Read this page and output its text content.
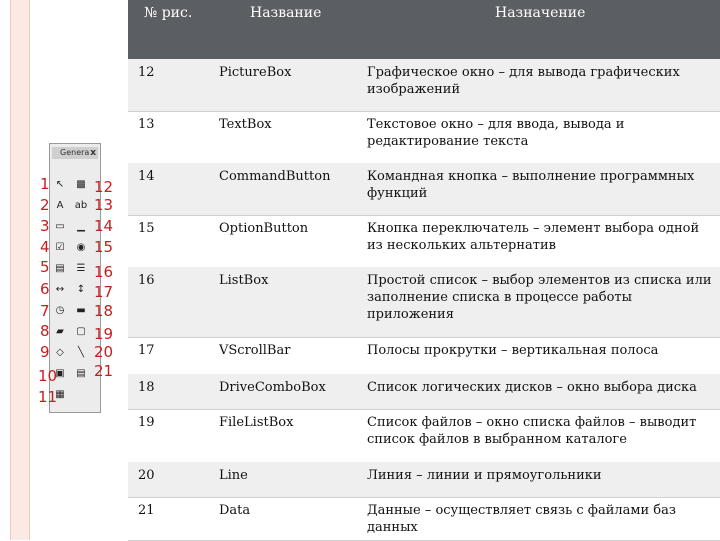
Genera x
↖
A
▭
☑
▤
↔
◷
▰
◇
▣
▦
▩
ab
▁
◉
☰
↕
▬
▢
╲
▤
1
2
3
4
5
6
7
8
9
10
11
12
13
14
15
16
17
18
19
20
21
№ рис.	Название	Назначение
12	PictureBox	Графическое окно – для вывода графических изображений
13	TextBox	Текстовое окно – для ввода, вывода и редактирование текста
14	CommandButton	Командная кнопка – выполнение программных функций
15	OptionButton	Кнопка переключатель – элемент выбора одной из нескольких альтернатив
16	ListBox	Простой список – выбор элементов из списка или заполнение списка в процессе работы приложения
17	VScrollBar	Полосы прокрутки – вертикальная полоса
18	DriveComboBox	Список логических дисков – окно выбора диска
19	FileListBox	Список файлов – окно списка файлов – выводит список файлов в выбранном каталоге
20	Line	Линия – линии и прямоугольники
21	Data	Данные – осуществляет связь с файлами баз данных
